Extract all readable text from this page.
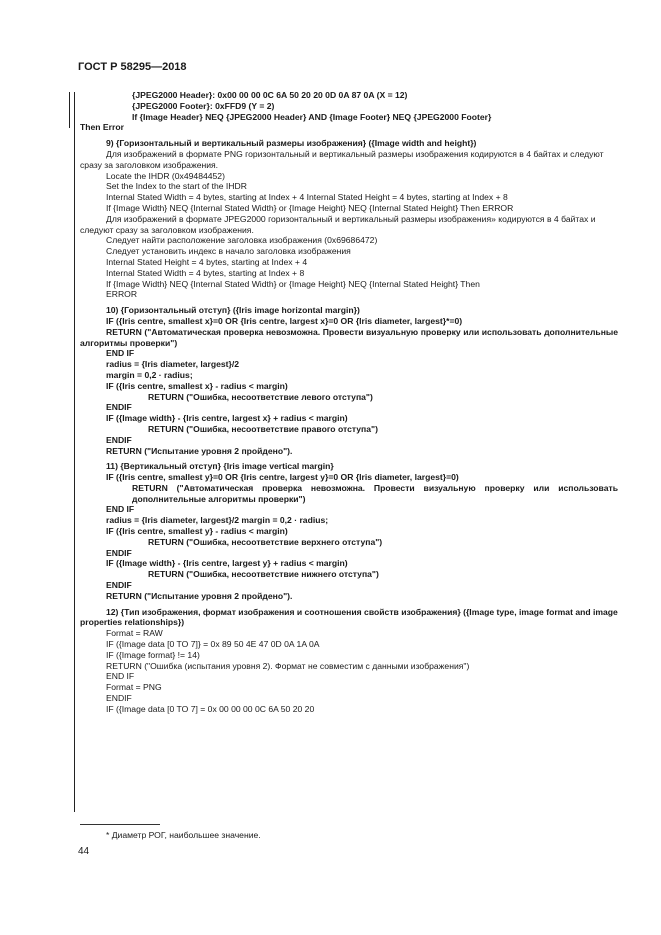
ГОСТ Р 58295—2018
{JPEG2000 Header}: 0x00 00 00 0C 6A 50 20 20 0D 0A 87 0A (X = 12)
{JPEG2000 Footer}: 0xFFD9 (Y = 2)
If {Image Header} NEQ {JPEG2000 Header} AND {Image Footer} NEQ {JPEG2000 Footer}
Then Error
9) {Горизонтальный и вертикальный размеры изображения} ({Image width and height})
Для изображений в формате PNG горизонтальный и вертикальный размеры изображения кодируются в 4 байтах и следуют сразу за заголовком изображения.
Locate the IHDR (0x49484452)
Set the Index to the start of the IHDR
Internal Stated Width = 4 bytes, starting at Index + 4 Internal Stated Height = 4 bytes, starting at Index + 8
If {Image Width} NEQ {Internal Stated Width} or {Image Height} NEQ {Internal Stated Height} Then ERROR
Для изображений в формате JPEG2000 горизонтальный и вертикальный размеры изображения» кодируются в 4 байтах и следуют сразу за заголовком изображения.
Следует найти расположение заголовка изображения (0x69686472)
Следует установить индекс в начало заголовка изображения
Internal Stated Height = 4 bytes, starting at Index + 4
Internal Stated Width = 4 bytes, starting at Index + 8
If {Image Width} NEQ {Internal Stated Width} or {Image Height} NEQ {Internal Stated Height} Then
ERROR
10) {Горизонтальный отступ} ({Iris image horizontal margin})
IF ({Iris centre, smallest x}=0 OR {Iris centre, largest x}=0 OR {Iris diameter, largest}*=0)
RETURN ("Автоматическая проверка невозможна. Провести визуальную проверку или использовать дополнительные алгоритмы проверки")
END IF
radius = {Iris diameter, largest}/2
margin = 0,2 · radius;
IF ({Iris centre, smallest x} - radius < margin)
RETURN ("Ошибка, несоответствие левого отступа")
ENDIF
IF ({Image width} - {Iris centre, largest x} + radius < margin)
RETURN ("Ошибка, несоответствие правого отступа")
ENDIF
RETURN ("Испытание уровня 2 пройдено").
11) {Вертикальный отступ} {Iris image vertical margin}
IF ({Iris centre, smallest y}=0 OR {Iris centre, largest y}=0 OR {Iris diameter, largest}=0)
RETURN ("Автоматическая проверка невозможна. Провести визуальную проверку или использовать дополнительные алгоритмы проверки")
END IF
radius = {Iris diameter, largest}/2 margin = 0,2 · radius;
IF ({Iris centre, smallest y} - radius < margin)
RETURN ("Ошибка, несоответствие верхнего отступа")
ENDIF
IF ({Image width} - {Iris centre, largest y} + radius < margin)
RETURN ("Ошибка, несоответствие нижнего отступа")
ENDIF
RETURN ("Испытание уровня 2 пройдено").
12) {Тип изображения, формат изображения и соотношения свойств изображения} ({Image type, image format and image properties relationships})
Format = RAW
IF ({Image data [0 TO 7]} = 0x 89 50 4E 47 0D 0A 1A 0A
IF ({Image format} != 14)
RETURN ("Ошибка (испытания уровня 2). Формат не совместим с данными изображения")
END IF
Format = PNG
ENDIF
IF ({Image data [0 TO 7] = 0x 00 00 00 0C 6A 50 20 20
* Диаметр РОГ, наибольшее значение.
44
